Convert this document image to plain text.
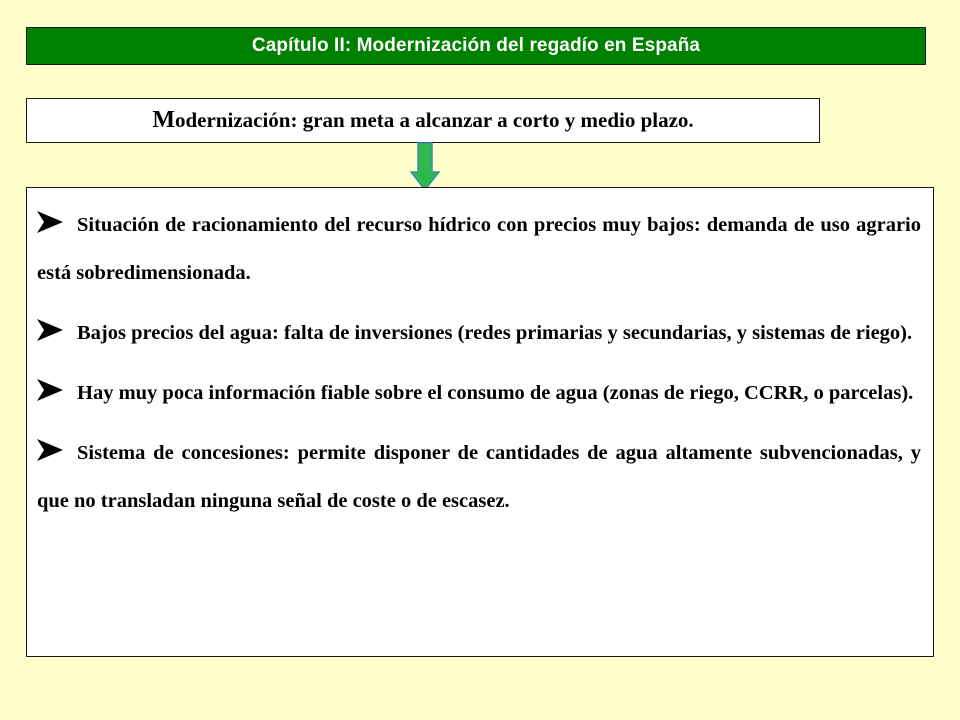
Capítulo II: Modernización del regadío en España
Modernización: gran meta a alcanzar a corto y medio plazo.

Situación de racionamiento del recurso hídrico con precios muy bajos: demanda de uso agrario está sobredimensionada.

Bajos precios del agua: falta de inversiones (redes primarias y secundarias, y sistemas de riego).

Hay muy poca información fiable sobre el consumo de agua (zonas de riego, CCRR, o parcelas).

Sistema de concesiones: permite disponer de cantidades de agua altamente subvencionadas, y que no transladan ninguna señal de coste o de escasez.
